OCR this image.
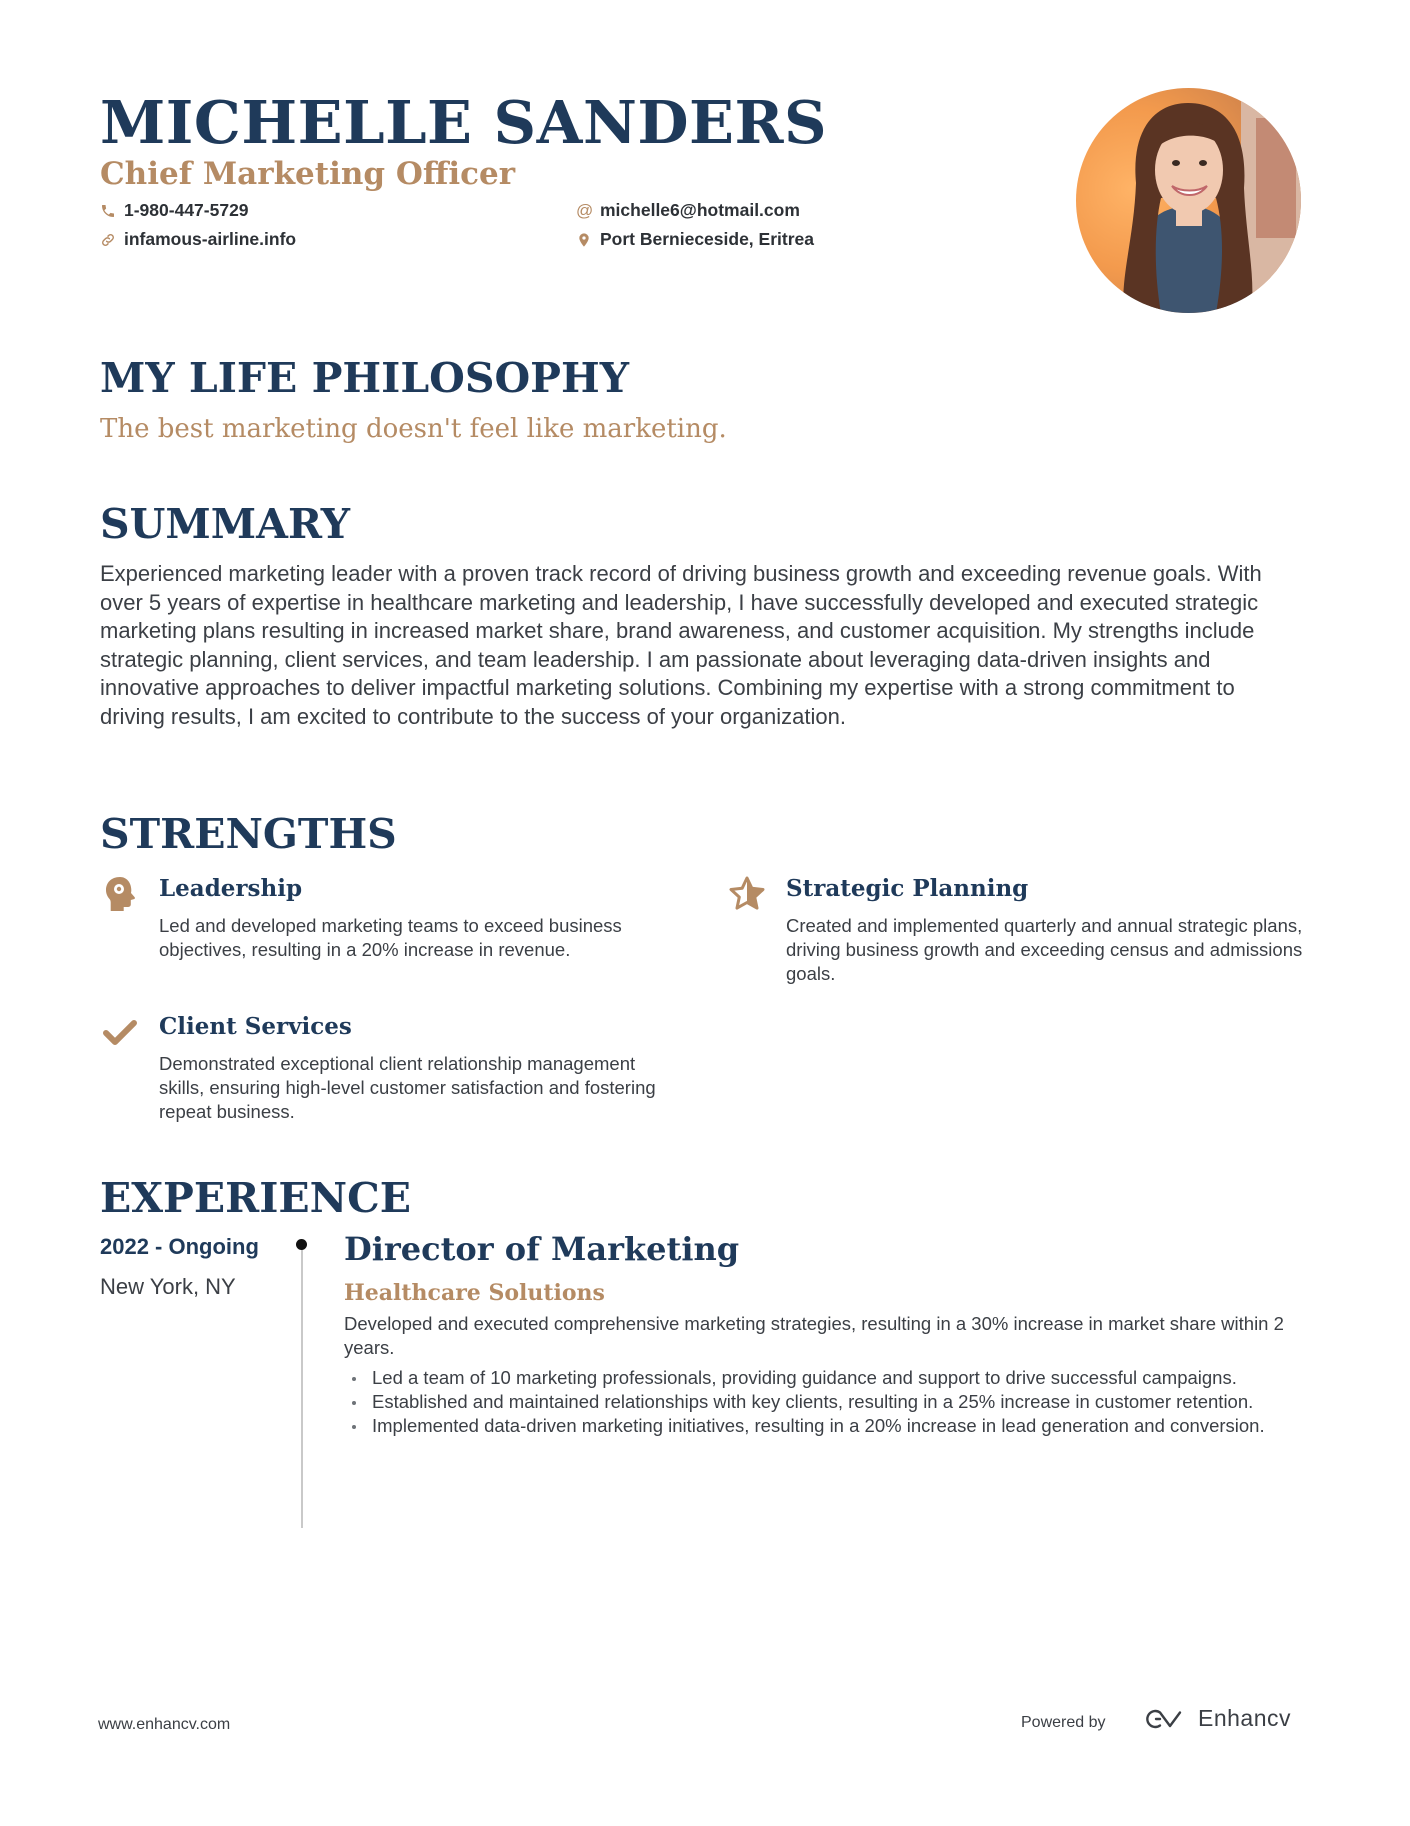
MICHELLE SANDERS
Chief Marketing Officer
1-980-447-5729
infamous-airline.info
@ michelle6@hotmail.com
Port Bernieceside, Eritrea
MY LIFE PHILOSOPHY

The best marketing doesn't feel like marketing.

SUMMARY

Experienced marketing leader with a proven track record of driving business growth and exceeding revenue goals. With over 5 years of expertise in healthcare marketing and leadership, I have successfully developed and executed strategic marketing plans resulting in increased market share, brand awareness, and customer acquisition. My strengths include strategic planning, client services, and team leadership. I am passionate about leveraging data-driven insights and innovative approaches to deliver impactful marketing solutions. Combining my expertise with a strong commitment to driving results, I am excited to contribute to the success of your organization.

STRENGTHS
Leadership

Led and developed marketing teams to exceed business objectives, resulting in a 20% increase in revenue.

Strategic Planning

Created and implemented quarterly and annual strategic plans, driving business growth and exceeding census and admissions goals.

Client Services

Demonstrated exceptional client relationship management skills, ensuring high-level customer satisfaction and fostering repeat business.

EXPERIENCE

2022 - Ongoing

New York, NY

Director of Marketing

Healthcare Solutions

Developed and executed comprehensive marketing strategies, resulting in a 30% increase in market share within 2 years.

Led a team of 10 marketing professionals, providing guidance and support to drive successful campaigns.
Established and maintained relationships with key clients, resulting in a 25% increase in customer retention.
Implemented data-driven marketing initiatives, resulting in a 20% increase in lead generation and conversion.

www.enhancv.com	Powered by	Enhancv
